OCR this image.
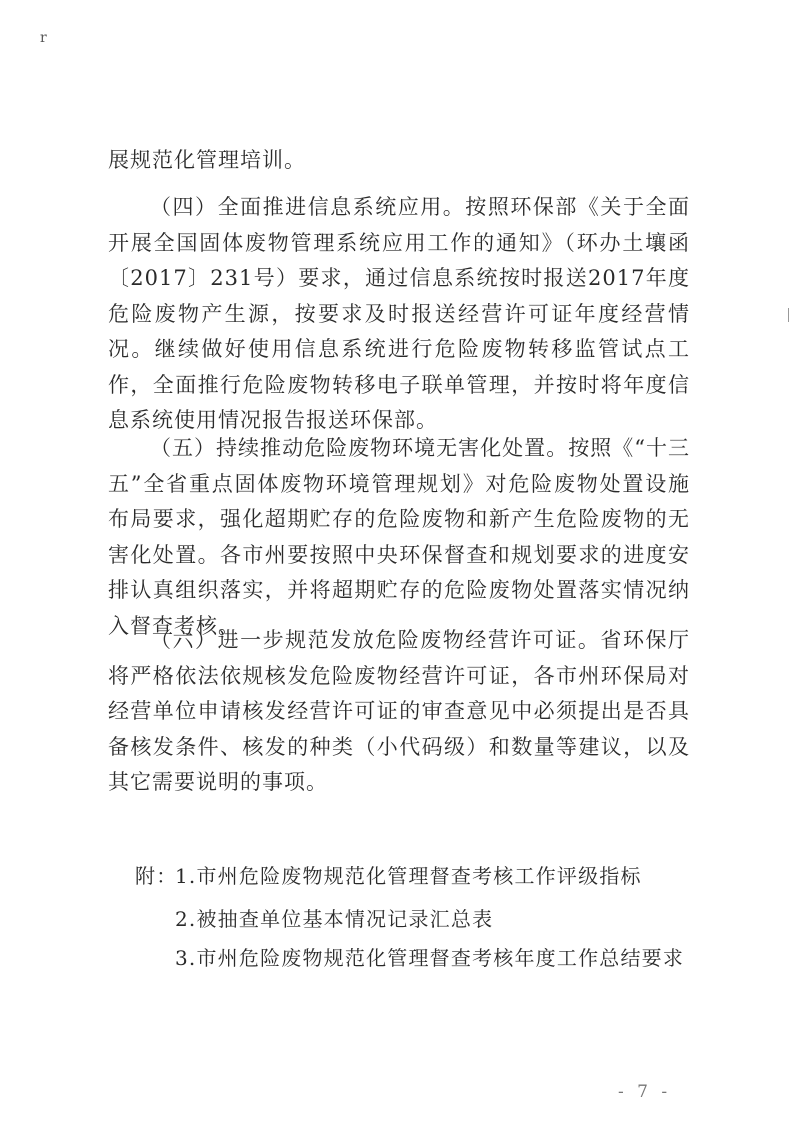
r

展规范化管理培训。

（四）全面推进信息系统应用。按照环保部《关于全面开展全国固体废物管理系统应用工作的通知》（环办土壤函〔2017〕231号）要求，通过信息系统按时报送2017年度危险废物产生源，按要求及时报送经营许可证年度经营情况。继续做好使用信息系统进行危险废物转移监管试点工作，全面推行危险废物转移电子联单管理，并按时将年度信息系统使用情况报告报送环保部。

（五）持续推动危险废物环境无害化处置。按照《“十三五”全省重点固体废物环境管理规划》对危险废物处置设施布局要求，强化超期贮存的危险废物和新产生危险废物的无害化处置。各市州要按照中央环保督查和规划要求的进度安排认真组织落实，并将超期贮存的危险废物处置落实情况纳入督查考核。

（六）进一步规范发放危险废物经营许可证。省环保厅将严格依法依规核发危险废物经营许可证，各市州环保局对经营单位申请核发经营许可证的审查意见中必须提出是否具备核发条件、核发的种类（小代码级）和数量等建议，以及其它需要说明的事项。

附：

1.市州危险废物规范化管理督查考核工作评级指标

2.被抽查单位基本情况记录汇总表

3.市州危险废物规范化管理督查考核年度工作总结要求

- 7 -
